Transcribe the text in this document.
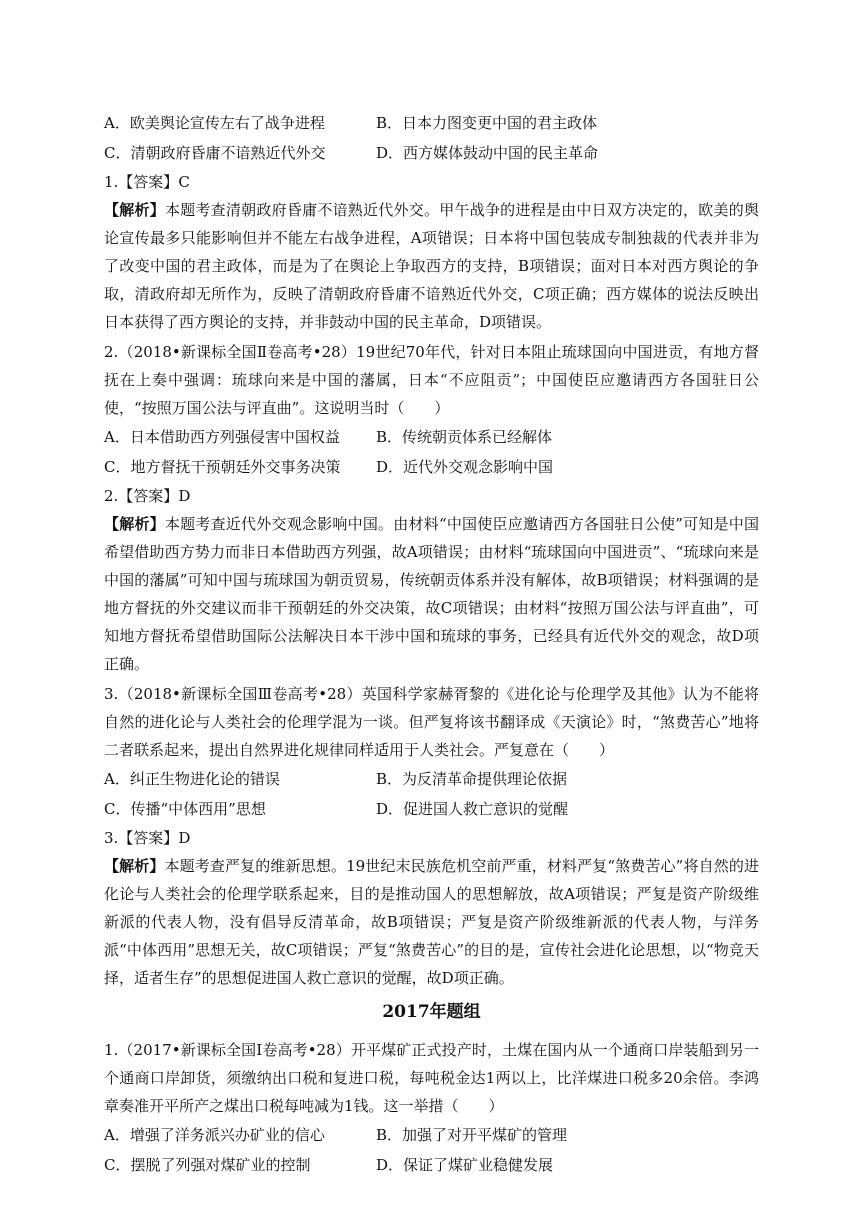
A．欧美舆论宣传左右了战争进程	B．日本力图变更中国的君主政体
C．清朝政府昏庸不谙熟近代外交	D．西方媒体鼓动中国的民主革命
1.【答案】C
【解析】本题考查清朝政府昏庸不谙熟近代外交。甲午战争的进程是由中日双方决定的，欧美的舆论宣传最多只能影响但并不能左右战争进程，A项错误；日本将中国包装成专制独裁的代表并非为了改变中国的君主政体，而是为了在舆论上争取西方的支持，B项错误；面对日本对西方舆论的争取，清政府却无所作为，反映了清朝政府昏庸不谙熟近代外交，C项正确；西方媒体的说法反映出日本获得了西方舆论的支持，并非鼓动中国的民主革命，D项错误。
2.（2018•新课标全国Ⅱ卷高考•28）19世纪70年代，针对日本阻止琉球国向中国进贡，有地方督抚在上奏中强调：琉球向来是中国的藩属，日本“不应阻贡”；中国使臣应邀请西方各国驻日公使，“按照万国公法与评直曲”。这说明当时（　　）
A．日本借助西方列强侵害中国权益	B．传统朝贡体系已经解体
C．地方督抚干预朝廷外交事务决策	D．近代外交观念影响中国
2.【答案】D
【解析】本题考查近代外交观念影响中国。由材料“中国使臣应邀请西方各国驻日公使”可知是中国希望借助西方势力而非日本借助西方列强，故A项错误；由材料“琉球国向中国进贡”、“琉球向来是中国的藩属”可知中国与琉球国为朝贡贸易，传统朝贡体系并没有解体，故B项错误；材料强调的是地方督抚的外交建议而非干预朝廷的外交决策，故C项错误；由材料“按照万国公法与评直曲”，可知地方督抚希望借助国际公法解决日本干涉中国和琉球的事务，已经具有近代外交的观念，故D项正确。
3.（2018•新课标全国Ⅲ卷高考•28）英国科学家赫胥黎的《进化论与伦理学及其他》认为不能将自然的进化论与人类社会的伦理学混为一谈。但严复将该书翻译成《天演论》时，“煞费苦心”地将二者联系起来，提出自然界进化规律同样适用于人类社会。严复意在（　　）
A．纠正生物进化论的错误	B．为反清革命提供理论依据
C．传播“中体西用”思想	D．促进国人救亡意识的觉醒
3.【答案】D
【解析】本题考查严复的维新思想。19世纪末民族危机空前严重，材料严复“煞费苦心”将自然的进化论与人类社会的伦理学联系起来，目的是推动国人的思想解放，故A项错误；严复是资产阶级维新派的代表人物，没有倡导反清革命，故B项错误；严复是资产阶级维新派的代表人物，与洋务派“中体西用”思想无关，故C项错误；严复“煞费苦心”的目的是，宣传社会进化论思想，以“物竞天择，适者生存”的思想促进国人救亡意识的觉醒，故D项正确。
2017年题组
1.（2017•新课标全国Ⅰ卷高考•28）开平煤矿正式投产时，土煤在国内从一个通商口岸装船到另一个通商口岸卸货，须缴纳出口税和复进口税，每吨税金达1两以上，比洋煤进口税多20余倍。李鸿章奏准开平所产之煤出口税每吨减为1钱。这一举措（　　）
A．增强了洋务派兴办矿业的信心	B．加强了对开平煤矿的管理
C．摆脱了列强对煤矿业的控制	D．保证了煤矿业稳健发展
